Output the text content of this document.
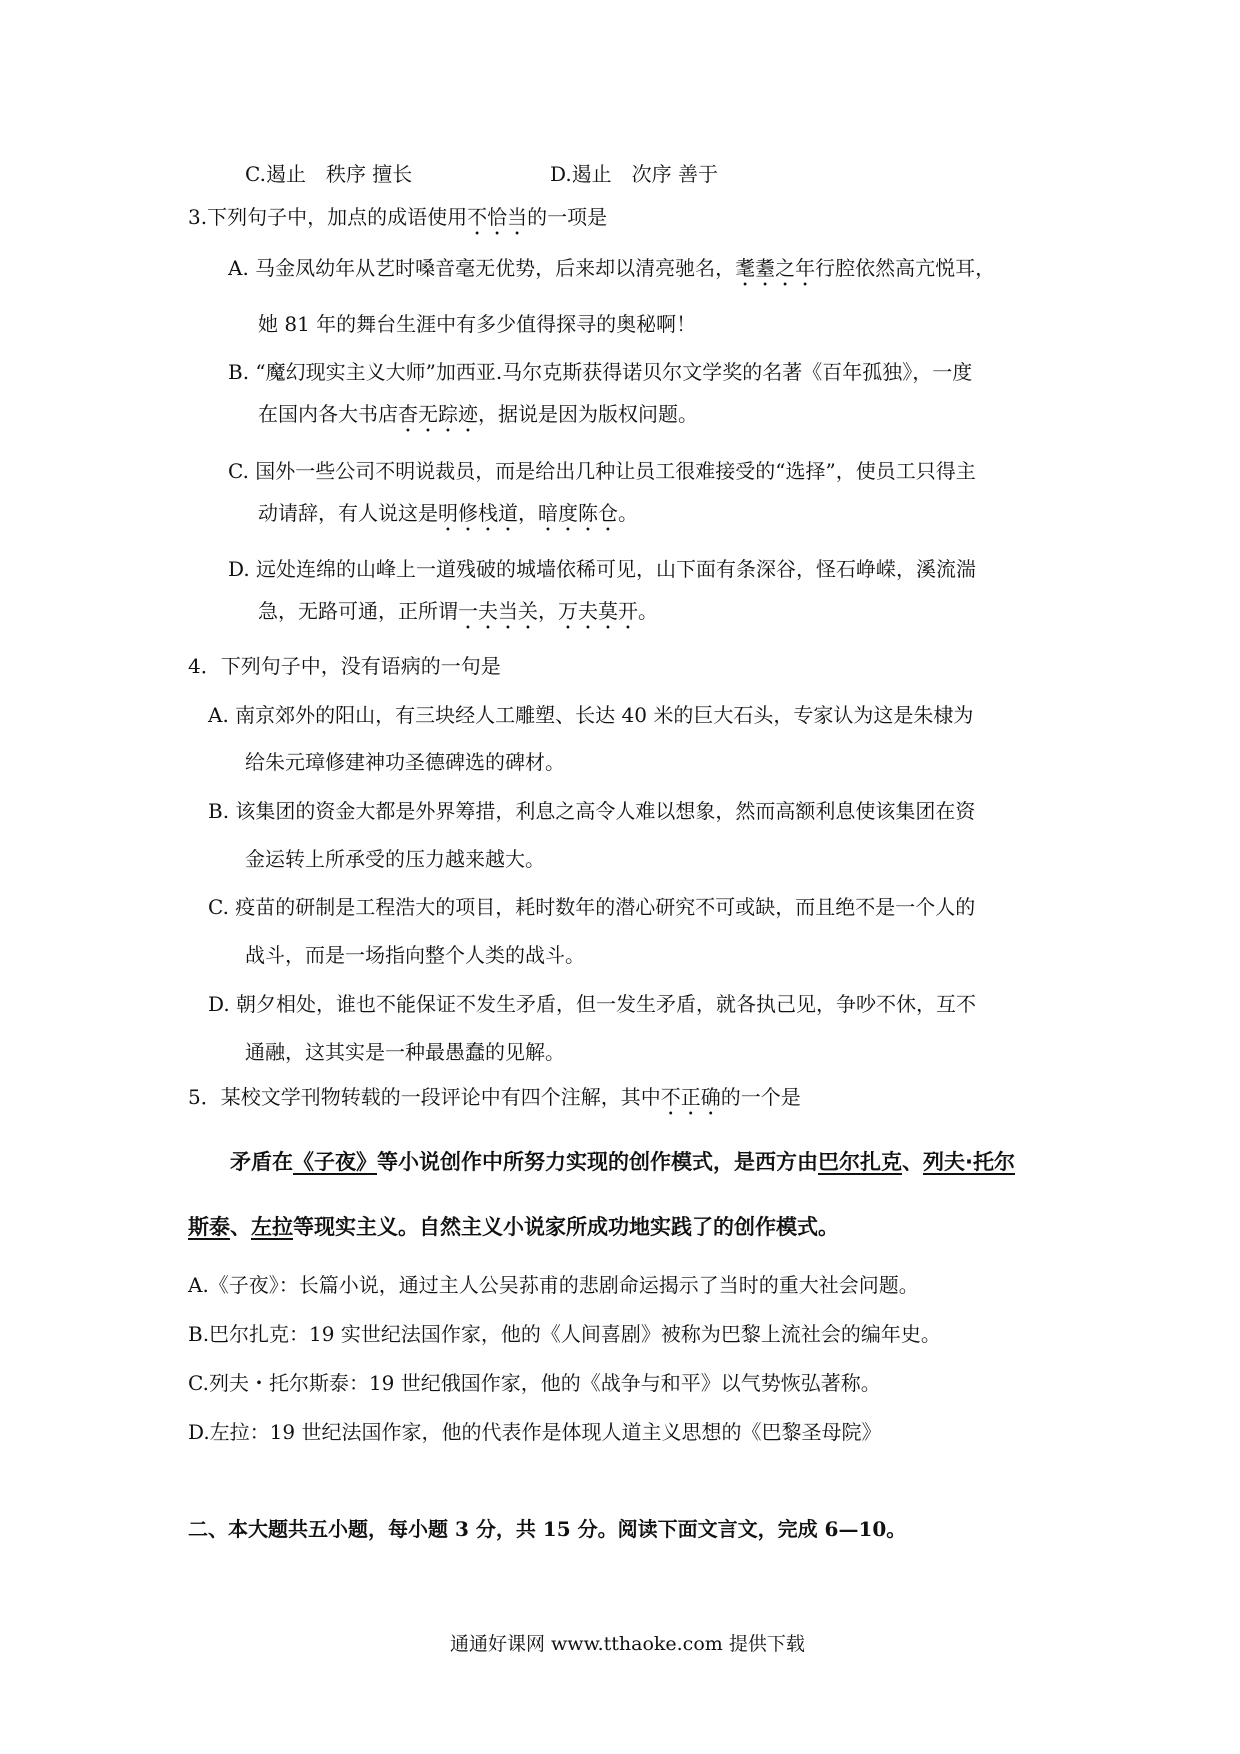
C.遏止　秩序 擅长	D.遏止　次序 善于
3.下列句子中，加点的成语使用不恰当的一项是
A. 马金凤幼年从艺时嗓音毫无优势，后来却以清亮驰名，耄耋之年行腔依然高亢悦耳，
她 81 年的舞台生涯中有多少值得探寻的奥秘啊！
B. “魔幻现实主义大师”加西亚.马尔克斯获得诺贝尔文学奖的名著《百年孤独》，一度
在国内各大书店杳无踪迹，据说是因为版权问题。
C. 国外一些公司不明说裁员，而是给出几种让员工很难接受的“选择”，使员工只得主
动请辞，有人说这是明修栈道，暗度陈仓。
D. 远处连绵的山峰上一道残破的城墙依稀可见，山下面有条深谷，怪石峥嵘，溪流湍
急，无路可通，正所谓一夫当关，万夫莫开。
4．下列句子中，没有语病的一句是
A. 南京郊外的阳山，有三块经人工雕塑、长达 40 米的巨大石头，专家认为这是朱棣为
给朱元璋修建神功圣德碑选的碑材。
B. 该集团的资金大都是外界筹措，利息之高令人难以想象，然而高额利息使该集团在资
金运转上所承受的压力越来越大。
C. 疫苗的研制是工程浩大的项目，耗时数年的潜心研究不可或缺，而且绝不是一个人的
战斗，而是一场指向整个人类的战斗。
D. 朝夕相处，谁也不能保证不发生矛盾，但一发生矛盾，就各执己见，争吵不休，互不
通融，这其实是一种最愚蠢的见解。
5．某校文学刊物转载的一段评论中有四个注解，其中不正确的一个是
矛盾在《子夜》等小说创作中所努力实现的创作模式，是西方由巴尔扎克、列夫·托尔
斯泰、左拉等现实主义。自然主义小说家所成功地实践了的创作模式。
A.《子夜》：长篇小说，通过主人公吴荪甫的悲剧命运揭示了当时的重大社会问题。
B.巴尔扎克：19 实世纪法国作家，他的《人间喜剧》被称为巴黎上流社会的编年史。
C.列夫・托尔斯泰：19 世纪俄国作家，他的《战争与和平》以气势恢弘著称。
D.左拉：19 世纪法国作家，他的代表作是体现人道主义思想的《巴黎圣母院》
二、本大题共五小题，每小题 3 分，共 15 分。阅读下面文言文，完成 6—10。
通通好课网 www.tthaoke.com 提供下载
